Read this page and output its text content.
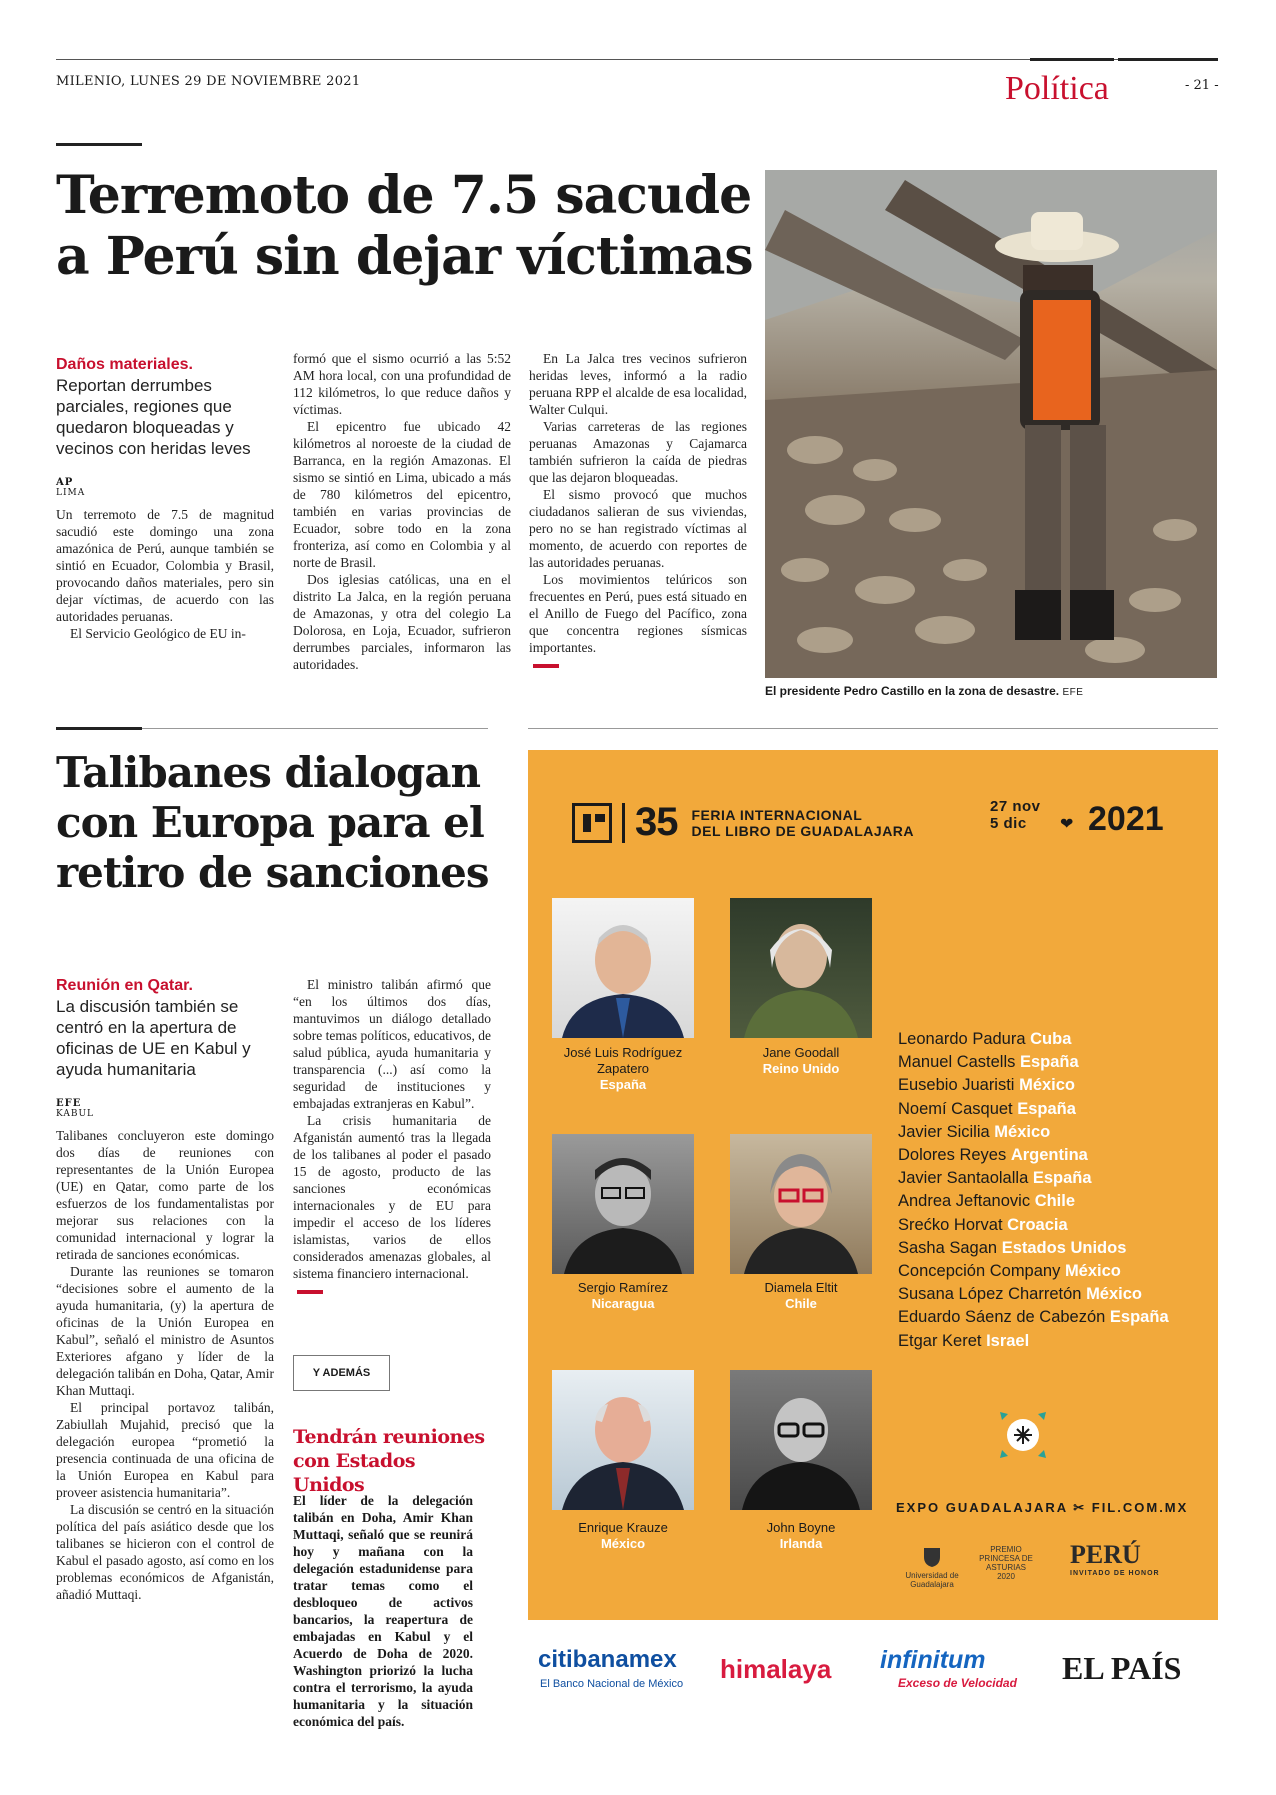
MILENIO, LUNES 29 DE NOVIEMBRE 2021	Política	- 21 -
Terremoto de 7.5 sacude a Perú sin dejar víctimas
Daños materiales.
Reportan derrumbes parciales, regiones que quedaron bloqueadas y vecinos con heridas leves
AP
LIMA

Un terremoto de 7.5 de magnitud sacudió este domingo una zona amazónica de Perú, aunque también se sintió en Ecuador, Colombia y Brasil, provocando daños materiales, pero sin dejar víctimas, de acuerdo con las autoridades peruanas.

El Servicio Geológico de EU in-

formó que el sismo ocurrió a las 5:52 AM hora local, con una profundidad de 112 kilómetros, lo que reduce daños y víctimas.

El epicentro fue ubicado 42 kilómetros al noroeste de la ciudad de Barranca, en la región Amazonas. El sismo se sintió en Lima, ubicado a más de 780 kilómetros del epicentro, también en varias provincias de Ecuador, sobre todo en la zona fronteriza, así como en Colombia y al norte de Brasil.

Dos iglesias católicas, una en el distrito La Jalca, en la región peruana de Amazonas, y otra del colegio La Dolorosa, en Loja, Ecuador, sufrieron derrumbes parciales, informaron las autoridades.

En La Jalca tres vecinos sufrieron heridas leves, informó a la radio peruana RPP el alcalde de esa localidad, Walter Culqui.

Varias carreteras de las regiones peruanas Amazonas y Cajamarca también sufrieron la caída de piedras que las dejaron bloqueadas.

El sismo provocó que muchos ciudadanos salieran de sus viviendas, pero no se han registrado víctimas al momento, de acuerdo con reportes de las autoridades peruanas.

Los movimientos telúricos son frecuentes en Perú, pues está situado en el Anillo de Fuego del Pacífico, zona que concentra regiones sísmicas importantes.

El presidente Pedro Castillo en la zona de desastre. EFE
Talibanes dialogan con Europa para el retiro de sanciones
Reunión en Qatar.
La discusión también se centró en la apertura de oficinas de UE en Kabul y ayuda humanitaria
EFE
KABUL

Talibanes concluyeron este domingo dos días de reuniones con representantes de la Unión Europea (UE) en Qatar, como parte de los esfuerzos de los fundamentalistas por mejorar sus relaciones con la comunidad internacional y lograr la retirada de sanciones económicas.

Durante las reuniones se tomaron “decisiones sobre el aumento de la ayuda humanitaria, (y) la apertura de oficinas de la Unión Europea en Kabul”, señaló el ministro de Asuntos Exteriores afgano y líder de la delegación talibán en Doha, Qatar, Amir Khan Muttaqi.

El principal portavoz talibán, Zabiullah Mujahid, precisó que la delegación europea “prometió la presencia continuada de una oficina de la Unión Europea en Kabul para proveer asistencia humanitaria”.

La discusión se centró en la situación política del país asiático desde que los talibanes se hicieron con el control de Kabul el pasado agosto, así como en los problemas económicos de Afganistán, añadió Muttaqi.

El ministro talibán afirmó que “en los últimos dos días, mantuvimos un diálogo detallado sobre temas políticos, educativos, de salud pública, ayuda humanitaria y transparencia (...) así como la seguridad de instituciones y embajadas extranjeras en Kabul”.

La crisis humanitaria de Afganistán aumentó tras la llegada de los talibanes al poder el pasado 15 de agosto, producto de las sanciones económicas internacionales y de EU para impedir el acceso de los líderes islamistas, varios de ellos considerados amenazas globales, al sistema financiero internacional.

Y ADEMÁS
Tendrán reuniones con Estados Unidos
El líder de la delegación talibán en Doha, Amir Khan Muttaqi, señaló que se reunirá hoy y mañana con la delegación estadunidense para tratar temas como el desbloqueo de activos bancarios, la reapertura de embajadas en Kabul y el Acuerdo de Doha de 2020. Washington priorizó la lucha contra el terrorismo, la ayuda humanitaria y la situación económica del país.
35 FERIA INTERNACIONAL
DEL LIBRO DE GUADALAJARA
27 nov
5 dic	❤ 2021
José Luis Rodríguez Zapatero
España
Jane Goodall
Reino Unido
Sergio Ramírez
Nicaragua
Diamela Eltit
Chile
Enrique Krauze
México
John Boyne
Irlanda
Leonardo Padura Cuba
Manuel Castells España
Eusebio Juaristi México
Noemí Casquet España
Javier Sicilia México
Dolores Reyes Argentina
Javier Santaolalla España
Andrea Jeftanovic Chile
Srećko Horvat Croacia
Sasha Sagan Estados Unidos
Concepción Company México
Susana López Charretón México
Eduardo Sáenz de Cabezón España
Etgar Keret Israel
EXPO GUADALAJARA ✂ FIL.COM.MX
Universidad de Guadalajara
PREMIO PRINCESA DE ASTURIAS 2020
PERÚ
INVITADO DE HONOR
citibanamex
El Banco Nacional de México himalaya infinitum
Exceso de Velocidad EL PAÍS
